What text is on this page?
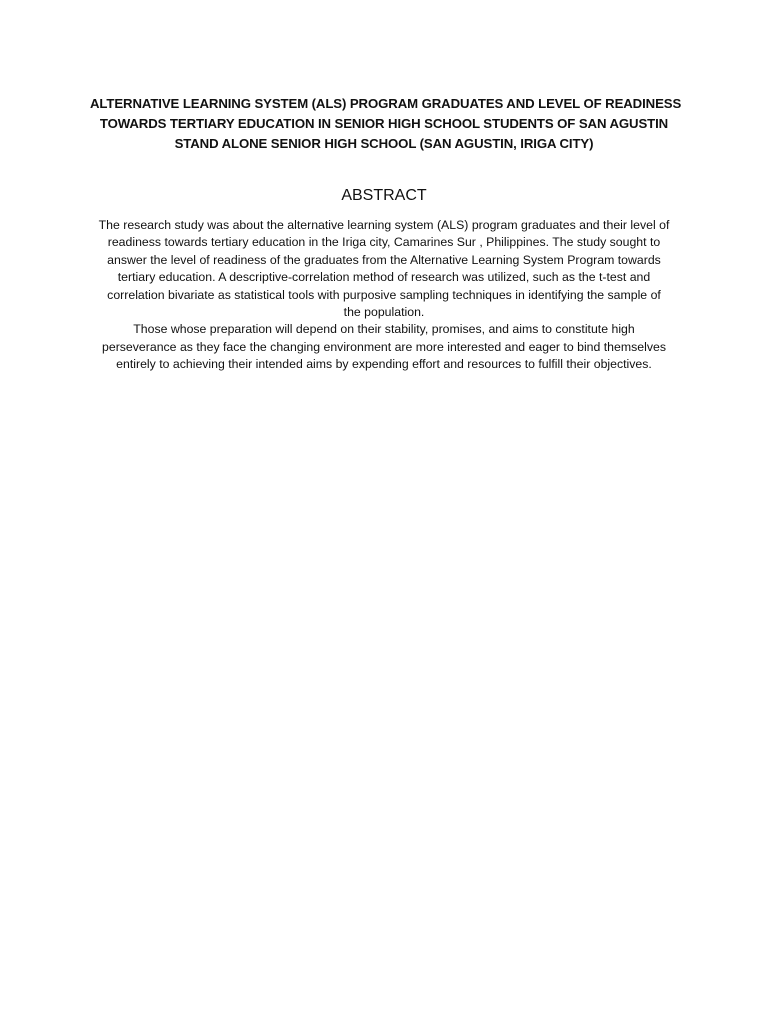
ALTERNATIVE LEARNING SYSTEM (ALS) PROGRAM GRADUATES AND LEVEL OF READINESS
TOWARDS TERTIARY EDUCATION IN SENIOR HIGH SCHOOL STUDENTS OF SAN AGUSTIN
STAND ALONE SENIOR HIGH SCHOOL (SAN AGUSTIN, IRIGA CITY)
ABSTRACT

The research study was about the alternative learning system (ALS) program graduates and their level of
readiness towards tertiary education in the Iriga city, Camarines Sur , Philippines. The study sought to
answer the level of readiness of the graduates from the Alternative Learning System Program towards
tertiary education. A descriptive-correlation method of research was utilized, such as the t-test and
correlation bivariate as statistical tools with purposive sampling techniques in identifying the sample of
the population.

Those whose preparation will depend on their stability, promises, and aims to constitute high
perseverance as they face the changing environment are more interested and eager to bind themselves
entirely to achieving their intended aims by expending effort and resources to fulfill their objectives.
